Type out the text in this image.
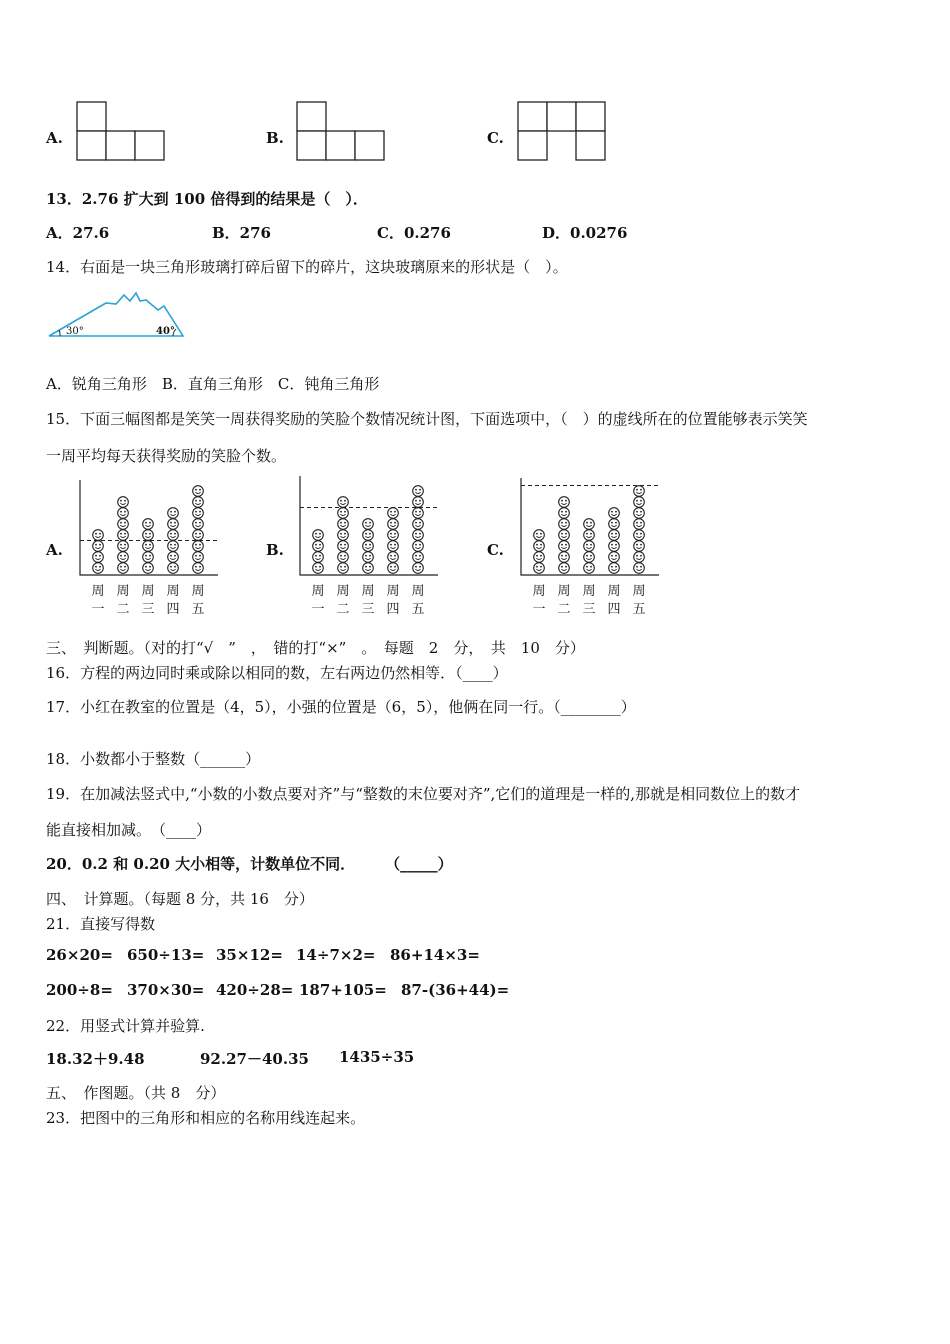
A.	B.	C.
13．2.76 扩大到 100 倍得到的结果是（　）．
A．27.6	B．276	C．0.276	D．0.0276
14．右面是一块三角形玻璃打碎后留下的碎片，这块玻璃原来的形状是（　）。
30°	40°
A．锐角三角形　B．直角三角形　C．钝角三角形
15．下面三幅图都是笑笑一周获得奖励的笑脸个数情况统计图，下面选项中，（　）的虚线所在的位置能够表示笑笑
一周平均每天获得奖励的笑脸个数。
A.
周
一
周
二
周
三
周
四
周
五
B.
周
一
周
二
周
三
周
四
周
五
C.
周
一
周
二
周
三
周
四
周
五
三、　判断题。（对的打“√　”　，　错的打“×”　。　每题　2　分，　共　10　分）
16．方程的两边同时乘或除以相同的数，左右两边仍然相等．（____）
17．小红在教室的位置是（4，5），小强的位置是（6，5），他俩在同一行。（________）
18．小数都小于整数（______）
19．在加减法竖式中,“小数的小数点要对齐”与“整数的末位要对齐”,它们的道理是一样的,那就是相同数位上的数才
能直接相加减。　（____）
20．0.2 和 0.20 大小相等，计数单位不同．　　　（_____）
四、　计算题。（每题 8 分，共 16　分）
21．直接写得数
26×20= 650÷13= 35×12= 14÷7×2= 86+14×3=
200÷8= 370×30= 420÷28= 187+105= 87-(36+44)=
22．用竖式计算并验算.
18.32＋9.48	92.27－40.35 1435÷35
五、　作图题。（共 8　分）
23．把图中的三角形和相应的名称用线连起来。
